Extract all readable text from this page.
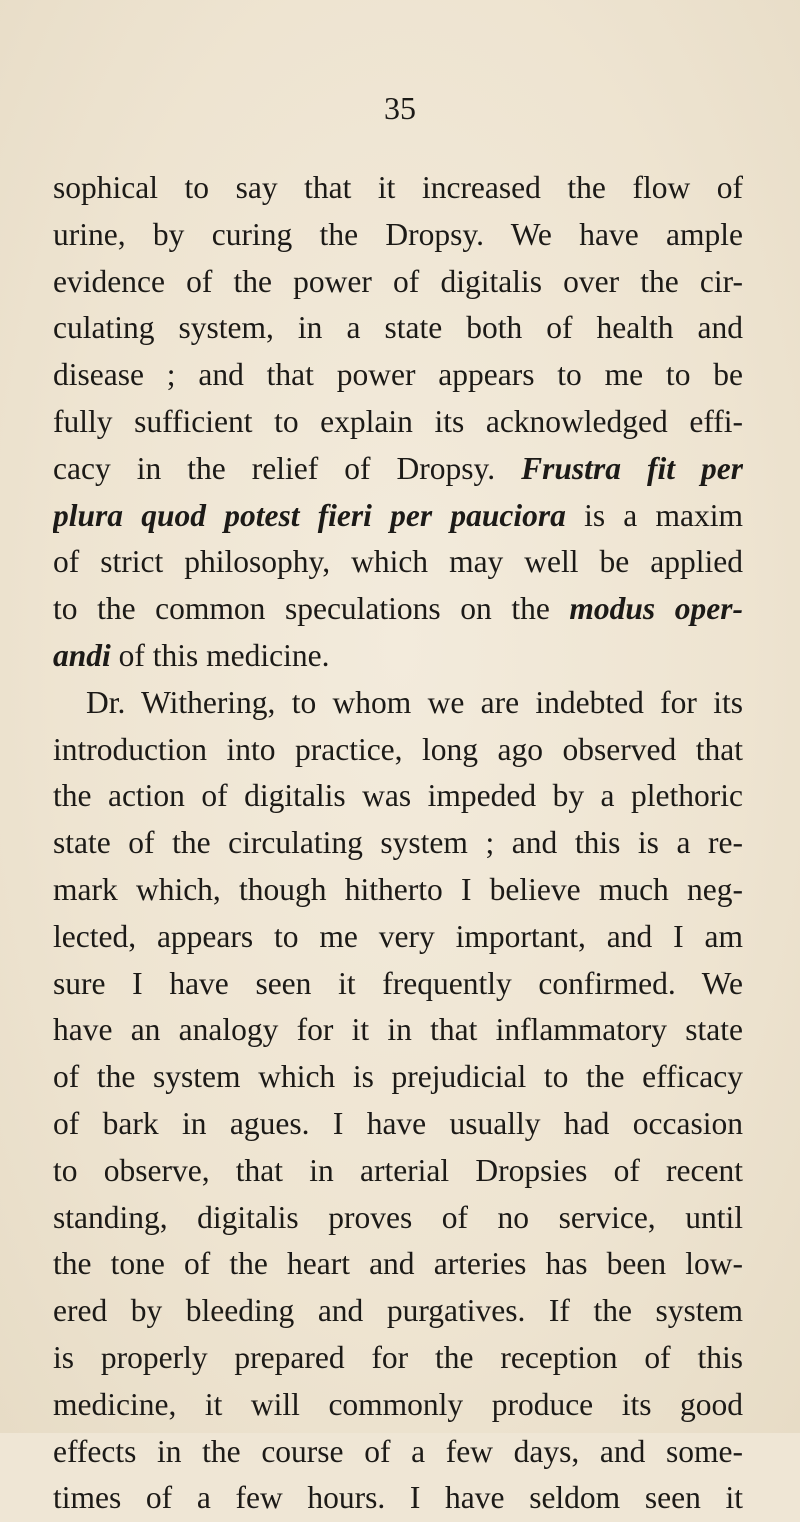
35
sophical to say that it increased the flow of
urine, by curing the Dropsy. We have ample
evidence of the power of digitalis over the cir-
culating system, in a state both of health and
disease ; and that power appears to me to be
fully sufficient to explain its acknowledged effi-
cacy in the relief of Dropsy. Frustra fit per
plura quod potest fieri per pauciora is a maxim
of strict philosophy, which may well be applied
to the common speculations on the modus oper-
andi of this medicine.
Dr. Withering, to whom we are indebted for its
introduction into practice, long ago observed that
the action of digitalis was impeded by a plethoric
state of the circulating system ; and this is a re-
mark which, though hitherto I believe much neg-
lected, appears to me very important, and I am
sure I have seen it frequently confirmed. We
have an analogy for it in that inflammatory state
of the system which is prejudicial to the efficacy
of bark in agues. I have usually had occasion
to observe, that in arterial Dropsies of recent
standing, digitalis proves of no service, until
the tone of the heart and arteries has been low-
ered by bleeding and purgatives. If the system
is properly prepared for the reception of this
medicine, it will commonly produce its good
effects in the course of a few days, and some-
times of a few hours. I have seldom seen it
